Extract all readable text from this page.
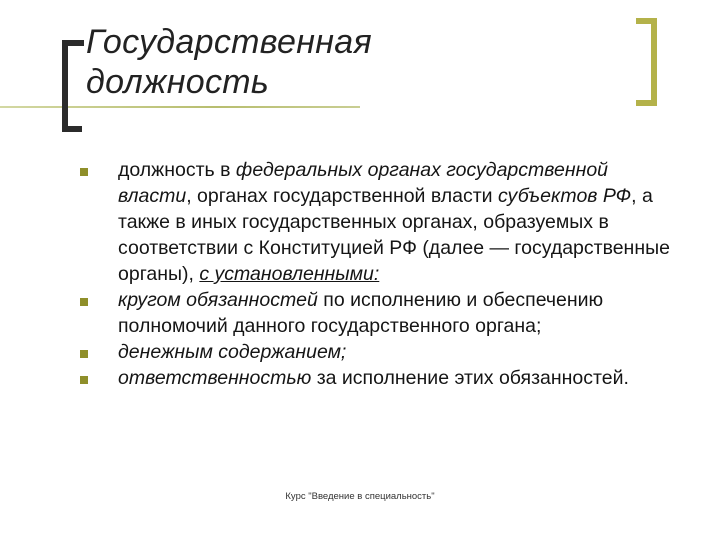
Государственная
должность
должность в федеральных органах государственной власти, органах государственной власти субъектов РФ, а также в иных государственных органах, образуемых в соответствии с Конституцией РФ (далее — государственные органы), с установленными:
кругом обязанностей по исполнению и обеспечению полномочий данного государственного органа;
денежным содержанием;
ответственностью за исполнение этих обязанностей.
Курс "Введение в специальность"
